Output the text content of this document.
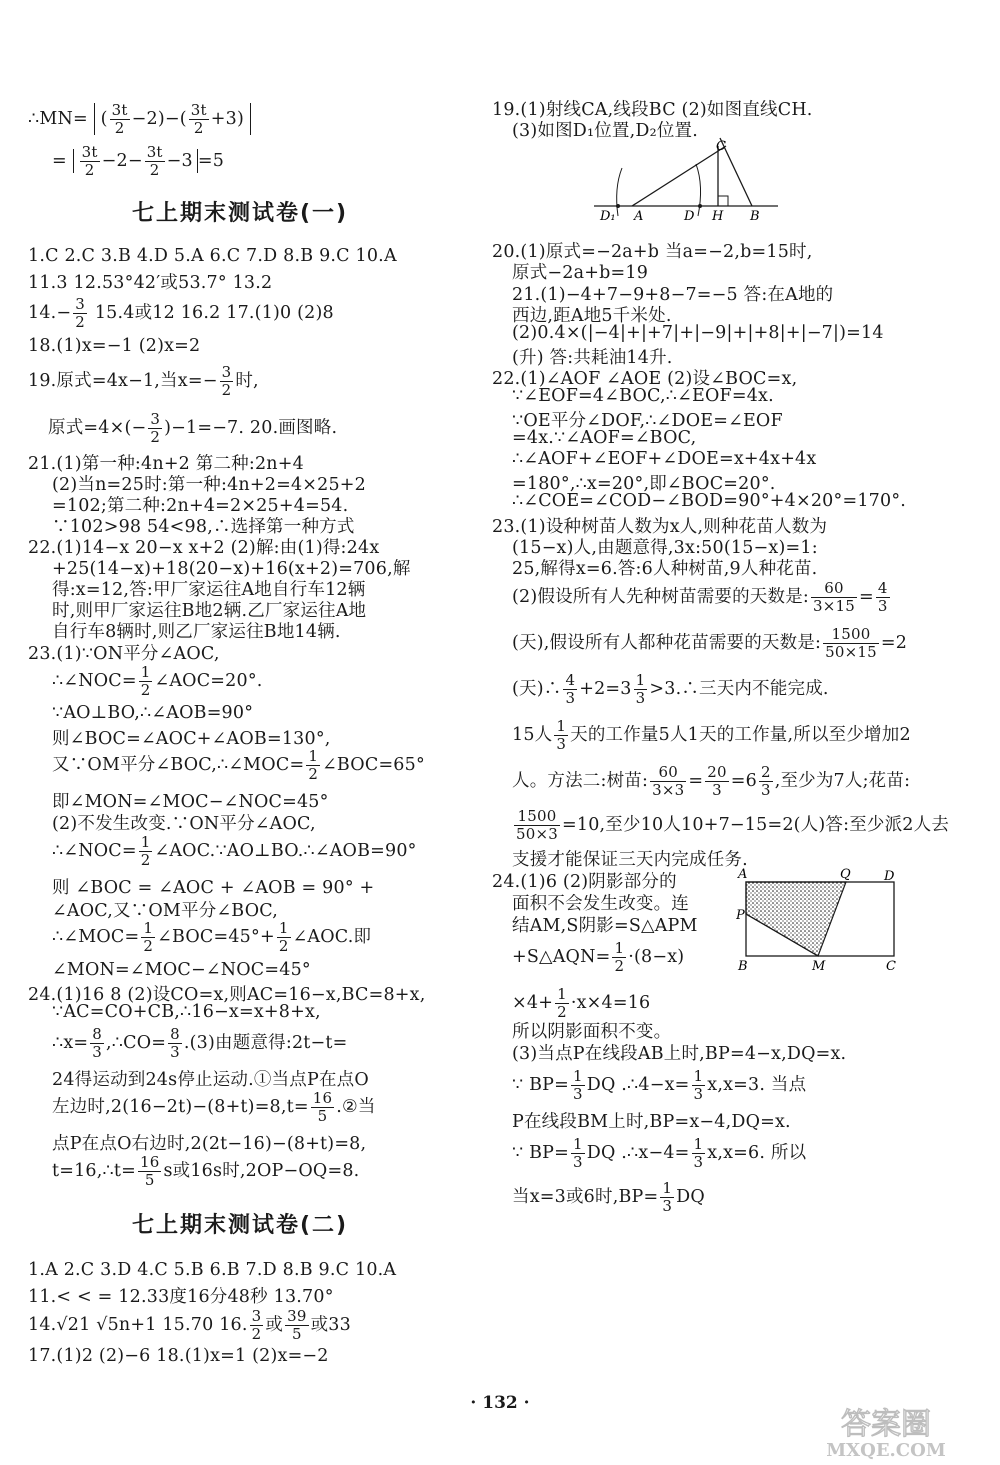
∴MN= ( $\frac{3t}{2} -2)-( \frac{3t}{2} +3)$
= $\frac{3t}{2} -2- \frac{3t}{2} -3 =5$
七上期末测试卷(一)
1.C 2.C 3.B 4.D 5.A 6.C 7.D 8.B 9.C 10.A
11.3 12.53°42′或53.7° 13.2
$14.- \frac{3}{2} 15.4$或12 16.2 17.(1)0 (2)8
18.(1)x=−1 (2)x=2
19.原式=4x−1,当$x=- \frac{3}{2}$ 时,
原式$=4\times(- \frac{3}{2} )-1=-7$. 20.画图略.
21.(1)第一种:4n+2 第二种:2n+4
(2)当n=25时:第一种:4n+2=4×25+2
=102;第二种:2n+4=2×25+4=54.
∵102>98 54<98,∴选择第一种方式
22.(1)14−x 20−x x+2 (2)解:由(1)得:24x
+25(14−x)+18(20−x)+16(x+2)=706,解
得:x=12,答:甲厂家运往A地自行车12辆
时,则甲厂家运往B地2辆.乙厂家运往A地
自行车8辆时,则乙厂家运往B地14辆.
23.(1)∵ON平分∠AOC,
∴∠NOC= $\frac{1}{2}$ ∠AOC=20°.
∵AO⊥BO,∴∠AOB=90°
则∠BOC=∠AOC+∠AOB=130°,
又∵OM平分∠BOC,∴∠MOC= $\frac{1}{2}$ ∠BOC=65°
即∠MON=∠MOC−∠NOC=45°
(2)不发生改变.∵ON平分∠AOC,
∴∠NOC= $\frac{1}{2}$ ∠AOC.∵AO⊥BO.∴∠AOB=90°
则 ∠BOC = ∠AOC + ∠AOB = 90° +
∠AOC,又∵OM平分∠BOC,
∴∠MOC= $\frac{1}{2}$ ∠BOC=45°+ $\frac{1}{2}$ ∠AOC.即
∠MON=∠MOC−∠NOC=45°
24.(1)16 8 (2)设CO=x,则AC=16−x,BC=8+x,
∵AC=CO+CB,∴16−x=x+8+x,
∴x= $\frac{8}{3}$ ,∴CO= $\frac{8}{3} .(3)$由题意得:2t−t=
24得运动到24s停止运动.①当点P在点O
左边时$,2(16-2t)-(8+t)=8,t= \frac{16}{5}$ .②当
点P在点O右边时,2(2t−16)−(8+t)=8,
t=16,∴t= $\frac{16}{5}$ s或16s时,2OP−OQ=8.
七上期末测试卷(二)
1.A 2.C 3.D 4.C 5.B 6.B 7.D 8.B 9.C 10.A
11.< < = 12.33度16分48秒 13.70°
14.√21 √5n+1 15.70 16. $\frac{3}{2}$ 或 $\frac{39}{5}$ 或33
17.(1)2 (2)−6 18.(1)x=1 (2)x=−2
19.(1)射线CA,线段BC (2)如图直线CH.
(3)如图D₁位置,D₂位置.
C
D₁ A	D H B
20.(1)原式=−2a+b 当a=−2,b=15时,
原式−2a+b=19
21.(1)−4+7−9+8−7=−5 答:在A地的
西边,距A地5千米处.
(2)0.4×(|−4|+|+7|+|−9|+|+8|+|−7|)=14
(升) 答:共耗油14升.
22.(1)∠AOF ∠AOE (2)设∠BOC=x,
∵∠EOF=4∠BOC,∴∠EOF=4x.
∵OE平分∠DOF,∴∠DOE=∠EOF
=4x.∵∠AOF=∠BOC,
∴∠AOF+∠EOF+∠DOE=x+4x+4x
=180°,∴x=20°,即∠BOC=20°.
∴∠COE=∠COD−∠BOD=90°+4×20°=170°.
23.(1)设种树苗人数为x人,则种花苗人数为
(15−x)人,由题意得,3x:50(15−x)=1:
25,解得x=6.答:6人种树苗,9人种花苗.
(2)假设所有人先种树苗需要的天数是: $\frac{60}{3\times 15} = \frac{4}{3}$
(天),假设所有人都种花苗需要的天数是: $\frac{1500}{50\times 15} =2$
(天)∴ $\frac{4}{3} +2=3 \frac{1}{3}$ >3.∴三天内不能完成.
15人 $\frac{1}{3}$ 天的工作量5人1天的工作量,所以至少增加2
人。方法二:树苗: $\frac{60}{3\times 3} = \frac{20}{3} =6 \frac{2}{3}$ ,至少为7人;花苗:
$\frac{1500}{50\times 3} =10$,至少10人10+7−15=2(人)答:至少派2人去
支援才能保证三天内完成任务.
24.(1)6 (2)阴影部分的
面积不会发生改变。连
结AM,S阴影=S△APM
+S△AQN= $\frac{1}{2} \cdot(8-x)$
A	Q	D
P
B	M	C
$\times 4+ \frac{1}{2} \cdot x\times 4=16$
所以阴影面积不变。
(3)当点P在线段AB上时,BP=4−x,DQ=x.
∵ $BP= \frac{1}{3}$ DQ .∴4−x= $\frac{1}{3} x,x=3$. 当点
P在线段BM上时,BP=x−4,DQ=x.
∵ $BP= \frac{1}{3}$ DQ .∴x−4= $\frac{1}{3} x,x=6$. 所以
当x=3或6时$,BP= \frac{1}{3}$ DQ
· 132 ·
答案圈
MXQE.COM
